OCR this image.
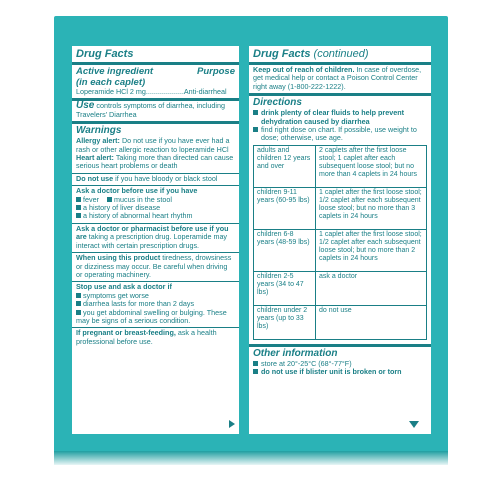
Drug Facts
Active ingredient	Purpose
(in each caplet)
Loperamide HCl 2 mg...................Anti-diarrheal
Use controls symptoms of diarrhea, including Travelers' Diarrhea
Warnings
Allergy alert: Do not use if you have ever had a rash or other allergic reaction to loperamide HCl
Heart alert: Taking more than directed can cause serious heart problems or death
Do not use if you have bloody or black stool
Ask a doctor before use if you have
fever	mucus in the stool
a history of liver disease
a history of abnormal heart rhythm
Ask a doctor or pharmacist before use if you are taking a prescription drug. Loperamide may interact with certain prescription drugs.
When using this product tiredness, drowsiness or dizziness may occur. Be careful when driving or operating machinery.
Stop use and ask a doctor if
symptoms get worse
diarrhea lasts for more than 2 days
you get abdominal swelling or bulging. These may be signs of a serious condition.
If pregnant or breast-feeding, ask a health professional before use.
Drug Facts (continued)
Keep out of reach of children. In case of overdose, get medical help or contact a Poison Control Center right away (1-800-222-1222).
Directions
drink plenty of clear fluids to help prevent dehydration caused by diarrhea
find right dose on chart. If possible, use weight to dose; otherwise, use age.
adults and children 12 years and over	2 caplets after the first loose stool; 1 caplet after each subsequent loose stool; but no more than 4 caplets in 24 hours
children 9-11 years (60-95 lbs)	1 caplet after the first loose stool; 1/2 caplet after each subsequent loose stool; but no more than 3 caplets in 24 hours
children 6-8 years (48-59 lbs)	1 caplet after the first loose stool; 1/2 caplet after each subsequent loose stool; but no more than 2 caplets in 24 hours
children 2-5 years (34 to 47 lbs)	ask a doctor
children under 2 years (up to 33 lbs)	do not use
Other information
store at 20°-25°C (68°-77°F)
do not use if blister unit is broken or torn
